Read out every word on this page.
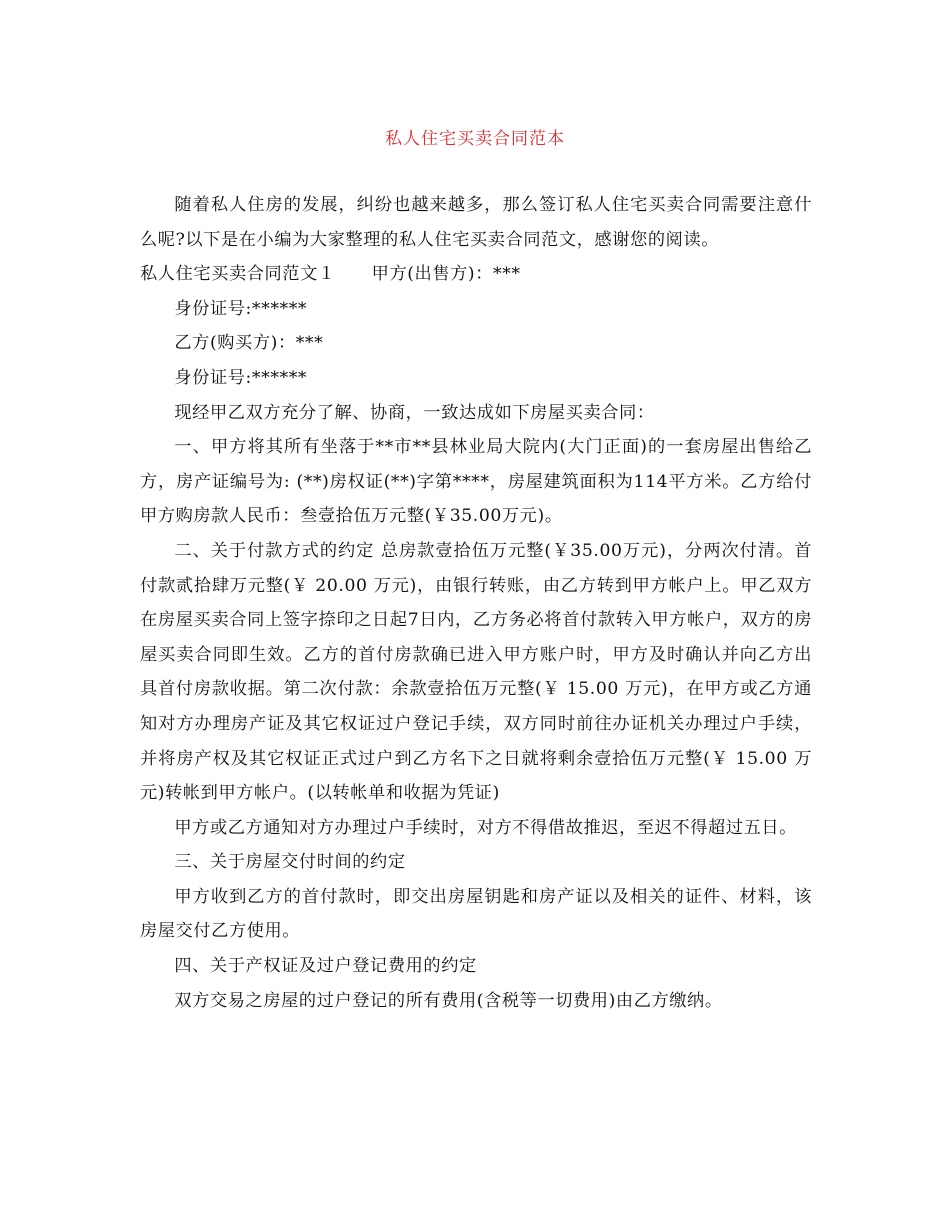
私人住宅买卖合同范本

随着私人住房的发展，纠纷也越来越多，那么签订私人住宅买卖合同需要注意什么呢?以下是在小编为大家整理的私人住宅买卖合同范文，感谢您的阅读。

私人住宅买卖合同范文１ 甲方(出售方)：***

身份证号:******

乙方(购买方)：***

身份证号:******

现经甲乙双方充分了解、协商，一致达成如下房屋买卖合同：

一、甲方将其所有坐落于**市**县林业局大院内(大门正面)的一套房屋出售给乙方，房产证编号为: (**)房权证(**)字第****，房屋建筑面积为114平方米。乙方给付甲方购房款人民币：叁壹拾伍万元整(￥35.00万元)。

二、关于付款方式的约定 总房款壹拾伍万元整(￥35.00万元)，分两次付清。首付款贰拾肆万元整(￥ 20.00 万元)，由银行转账，由乙方转到甲方帐户上。甲乙双方在房屋买卖合同上签字捺印之日起7日内，乙方务必将首付款转入甲方帐户，双方的房屋买卖合同即生效。乙方的首付房款确已进入甲方账户时，甲方及时确认并向乙方出具首付房款收据。第二次付款：余款壹拾伍万元整(￥ 15.00 万元)，在甲方或乙方通知对方办理房产证及其它权证过户登记手续，双方同时前往办证机关办理过户手续，并将房产权及其它权证正式过户到乙方名下之日就将剩余壹拾伍万元整(￥ 15.00 万元)转帐到甲方帐户。(以转帐单和收据为凭证)

甲方或乙方通知对方办理过户手续时，对方不得借故推迟，至迟不得超过五日。

三、关于房屋交付时间的约定

甲方收到乙方的首付款时，即交出房屋钥匙和房产证以及相关的证件、材料，该房屋交付乙方使用。

四、关于产权证及过户登记费用的约定

双方交易之房屋的过户登记的所有费用(含税等一切费用)由乙方缴纳。
